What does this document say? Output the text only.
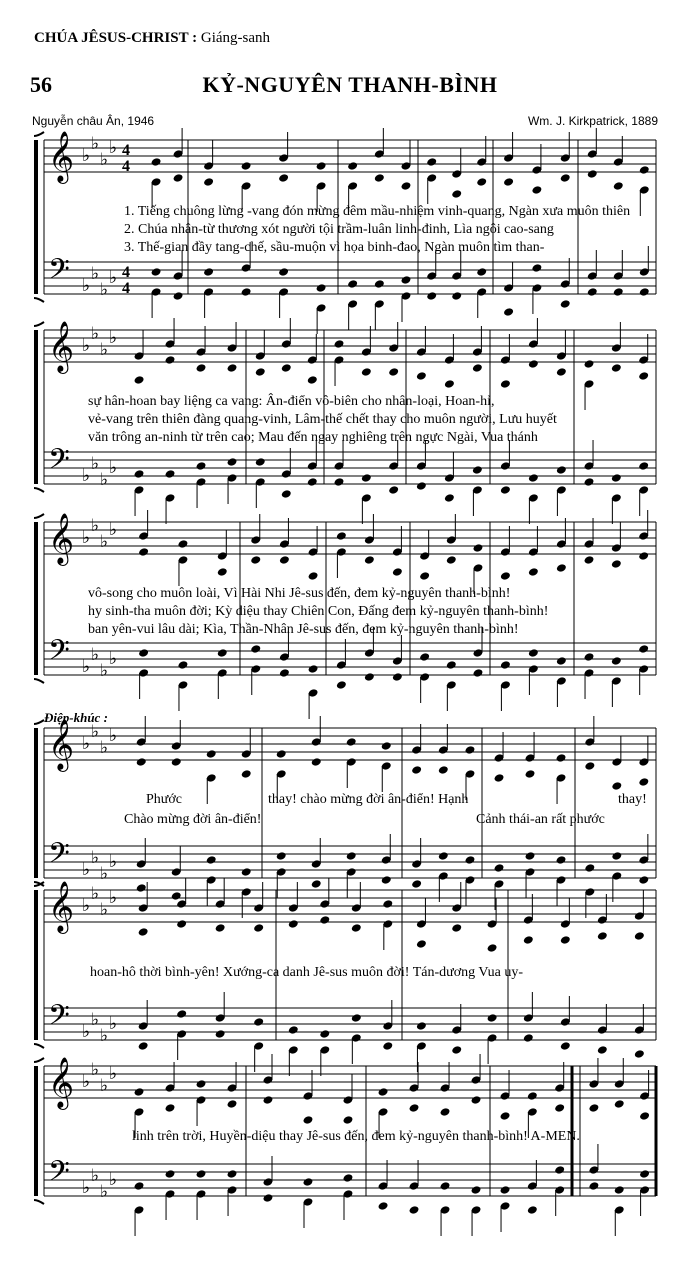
CHÚA JÊSUS-CHRIST : Giáng-sanh
56	KỶ-NGUYÊN THANH-BÌNH
Nguyễn châu Ân, 1946	Wm. J. Kirkpatrick, 1889
𝄞 ♭
♭
♭
♭ 4
4
𝄢 ♭
♭
♭
♭ 4
4
𝄞 ♭
♭
♭
♭
𝄢 ♭
♭
♭
♭
𝄞 ♭
♭
♭
♭
𝄢 ♭
♭
♭
♭
𝄞 ♭
♭
♭
♭
𝄢 ♭
♭
♭
♭
𝄞 ♭
♭
♭
♭
𝄢 ♭
♭
♭
♭
𝄞 ♭
♭
♭
♭
𝄢 ♭
♭
♭
♭
1. Tiếng chuông lừng -vang đón mừng đêm mầu-nhiệm vinh-quang, Ngàn xưa muôn thiên
2. Chúa nhân-từ thương xót người tội trầm-luân linh-đinh, Lìa ngôi cao-sang
3. Thế-gian đầy tang-chế, sầu-muộn vì họa binh-đao, Ngàn muôn tìm than-
sự hân-hoan bay liệng ca vang: Ân-điển vô-biên cho nhân-loại, Hoan-hỉ,
vẻ-vang trên thiên đàng quang-vinh, Lâm-thế chết thay cho muôn người, Lưu huyết
văn trông an-ninh từ trên cao; Mau đến ngay nghiêng trên ngực Ngài, Vua thánh
vô-song cho muôn loài, Vì Hài Nhi Jê-sus đến, đem kỷ-nguyên thanh-bình!
hy sinh-tha muôn đời; Kỳ diệu thay Chiên Con, Đấng đem kỷ-nguyên thanh-bình!
ban yên-vui lâu dài; Kìa, Thần-Nhân Jê-sus đến, đem kỷ-nguyên thanh-bình!
Điệp-khúc :
Phước	thay! chào mừng đời ân-điển! Hạnh	thay!
Chào mừng đời ân-điển!	Cảnh thái-an rất phước
hoan-hô thời bình-yên! Xướng-ca danh Jê-sus muôn đời! Tán-dương Vua uy-
linh trên trời, Huyền-diệu thay Jê-sus đến, đem kỷ-nguyên thanh-bình! A-MEN.
